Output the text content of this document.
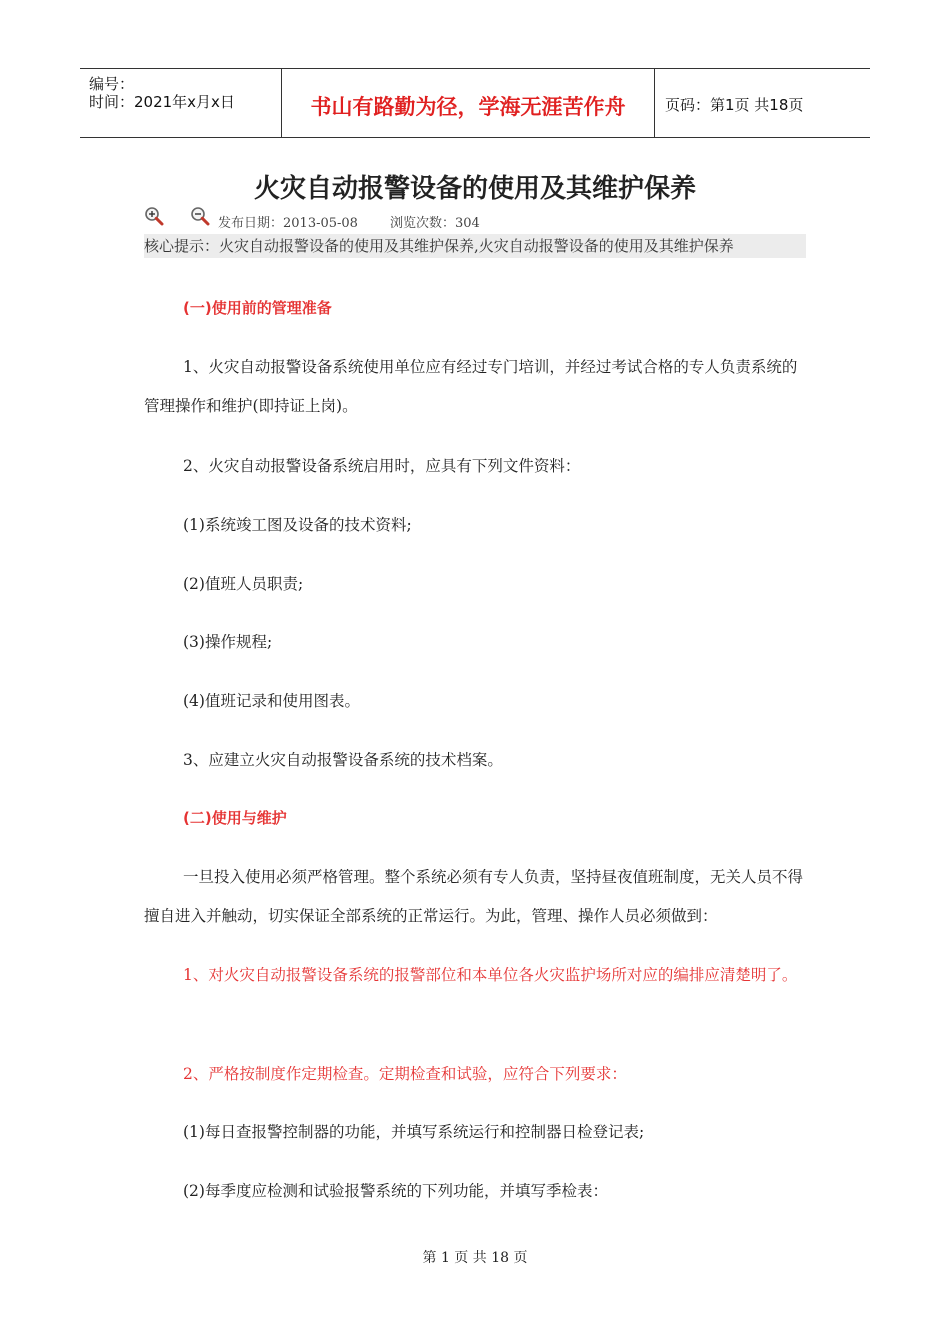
编号：
时间：2021年x月x日	书山有路勤为径，学海无涯苦作舟	页码：第1页 共18页
火灾自动报警设备的使用及其维护保养
发布日期：2013-05-08 浏览次数：304
核心提示：火灾自动报警设备的使用及其维护保养,火灾自动报警设备的使用及其维护保养
(一)使用前的管理准备
1、火灾自动报警设备系统使用单位应有经过专门培训，并经过考试合格的专人负责系统的管理操作和维护(即持证上岗)。
2、火灾自动报警设备系统启用时，应具有下列文件资料：
(1)系统竣工图及设备的技术资料;
(2)值班人员职责;
(3)操作规程;
(4)值班记录和使用图表。
3、应建立火灾自动报警设备系统的技术档案。
(二)使用与维护
一旦投入使用必须严格管理。整个系统必须有专人负责，坚持昼夜值班制度，无关人员不得擅自进入并触动，切实保证全部系统的正常运行。为此，管理、操作人员必须做到：
1、对火灾自动报警设备系统的报警部位和本单位各火灾监护场所对应的编排应清楚明了。
2、严格按制度作定期检查。定期检查和试验，应符合下列要求：
(1)每日查报警控制器的功能，并填写系统运行和控制器日检登记表;
(2)每季度应检测和试验报警系统的下列功能，并填写季检表：
第 1 页 共 18 页
